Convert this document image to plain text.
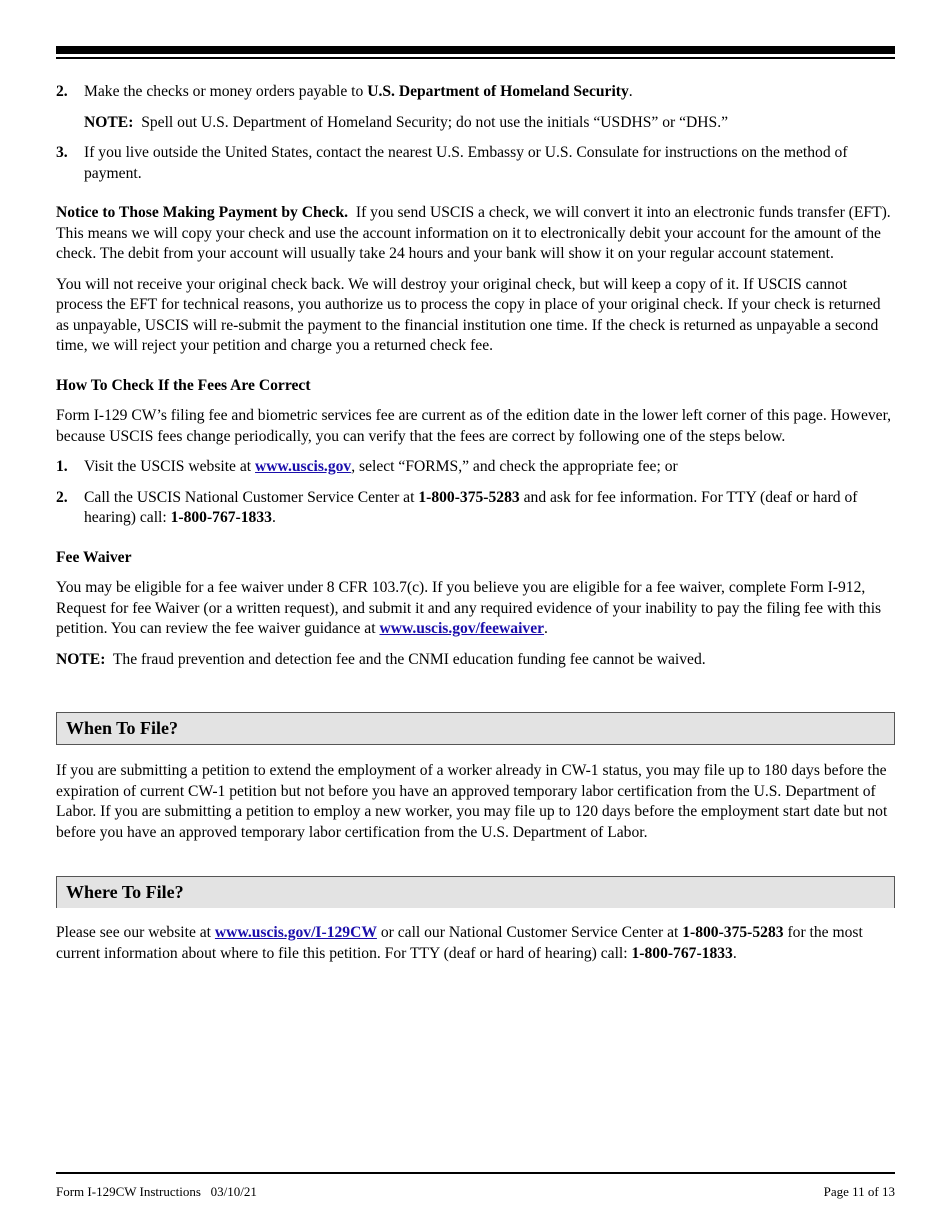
2.	Make the checks or money orders payable to U.S. Department of Homeland Security.

NOTE: Spell out U.S. Department of Homeland Security; do not use the initials “USDHS” or “DHS.”

3.	If you live outside the United States, contact the nearest U.S. Embassy or U.S. Consulate for instructions on the method of payment.

Notice to Those Making Payment by Check. If you send USCIS a check, we will convert it into an electronic funds transfer (EFT). This means we will copy your check and use the account information on it to electronically debit your account for the amount of the check. The debit from your account will usually take 24 hours and your bank will show it on your regular account statement.

You will not receive your original check back. We will destroy your original check, but will keep a copy of it. If USCIS cannot process the EFT for technical reasons, you authorize us to process the copy in place of your original check. If your check is returned as unpayable, USCIS will re-submit the payment to the financial institution one time. If the check is returned as unpayable a second time, we will reject your petition and charge you a returned check fee.

How To Check If the Fees Are Correct

Form I-129 CW’s filing fee and biometric services fee are current as of the edition date in the lower left corner of this page. However, because USCIS fees change periodically, you can verify that the fees are correct by following one of the steps below.

1.	Visit the USCIS website at www.uscis.gov, select “FORMS,” and check the appropriate fee; or
2.	Call the USCIS National Customer Service Center at 1-800-375-5283 and ask for fee information. For TTY (deaf or hard of hearing) call: 1-800-767-1833.

Fee Waiver

You may be eligible for a fee waiver under 8 CFR 103.7(c). If you believe you are eligible for a fee waiver, complete Form I-912, Request for fee Waiver (or a written request), and submit it and any required evidence of your inability to pay the filing fee with this petition. You can review the fee waiver guidance at www.uscis.gov/feewaiver.

NOTE: The fraud prevention and detection fee and the CNMI education funding fee cannot be waived.

When To File?

If you are submitting a petition to extend the employment of a worker already in CW-1 status, you may file up to 180 days before the expiration of current CW-1 petition but not before you have an approved temporary labor certification from the U.S. Department of Labor. If you are submitting a petition to employ a new worker, you may file up to 120 days before the employment start date but not before you have an approved temporary labor certification from the U.S. Department of Labor.

Where To File?

Please see our website at www.uscis.gov/I-129CW or call our National Customer Service Center at 1-800-375-5283 for the most current information about where to file this petition. For TTY (deaf or hard of hearing) call: 1-800-767-1833.

Form I-129CW Instructions   03/10/21	Page 11 of 13
